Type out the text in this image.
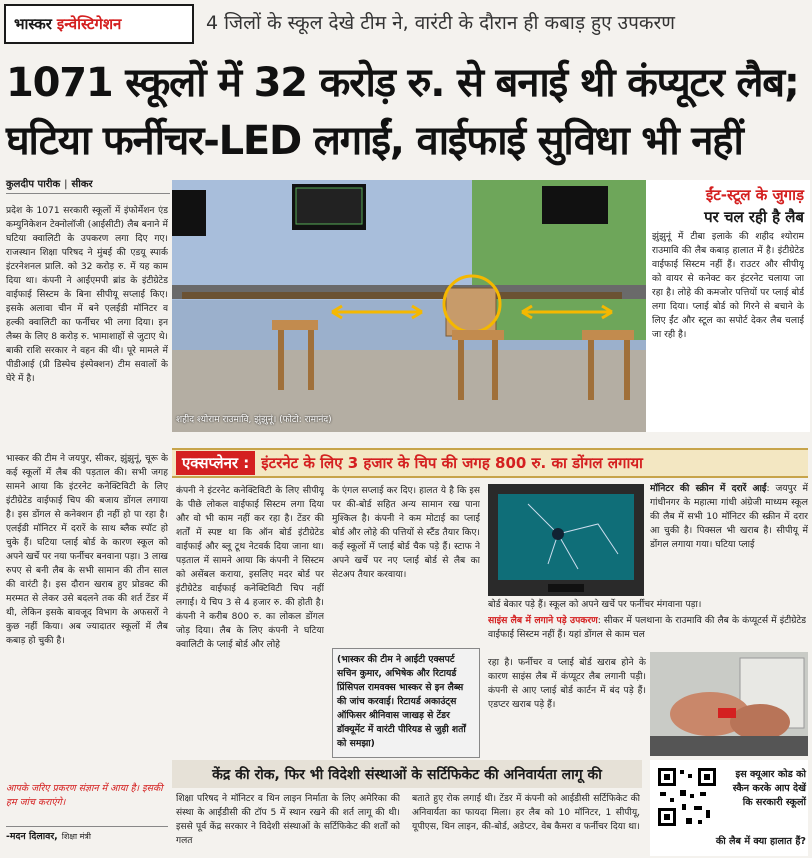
भास्कर इन्वेस्टिगेशन	4 जिलों के स्कूल देखे टीम ने, वारंटी के दौरान ही कबाड़ हुए उपकरण
1071 स्कूलों में 32 करोड़ रु. से बनाई थी कंप्यूटर लैब;
घटिया फर्नीचर-LED लगाईं, वाईफाई सुविधा भी नहीं
कुलदीप पारीक | सीकर
प्रदेश के 1071 सरकारी स्कूलों में इंफोर्मेशन एंड कम्युनिकेशन टेक्नोलॉजी (आईसीटी) लैब बनाने में घटिया क्वालिटी के उपकरण लगा दिए गए। राजस्थान शिक्षा परिषद ने मुंबई की एडयू स्पार्क इंटरनेशनल प्रालि. को 32 करोड़ रु. में यह काम दिया था। कंपनी ने आईएमपी ब्रांड के इंटीग्रेटेड वाईफाई सिस्टम के बिना सीपीयू सप्लाई किए। इसके अलावा चीन में बने एलईडी मॉनिटर व हल्की क्वालिटी का फर्नीचर भी लगा दिया। इन लैब्स के लिए 8 करोड़ रु. भामाशाहों से जुटाए थे। बाकी राशि सरकार ने वहन की थी। पूरे मामले में पीडीआई (प्री डिस्पेच इंस्पेक्शन) टीम सवालों के घेरे में है।
भास्कर की टीम ने जयपुर, सीकर, झुंझुनूं, चूरू के कई स्कूलों में लैब की पड़ताल की। सभी जगह सामने आया कि इंटरनेट कनेक्टिविटी के लिए इंटीग्रेटेड वाईफाई चिप की बजाय डोंगल लगाया है। इस डोंगल से कनेक्शन ही नहीं हो पा रहा है। एलईडी मॉनिटर में दरारें के साथ ब्लैक स्पॉट हो चुके हैं। घटिया प्लाई बोर्ड के कारण स्कूल को अपने खर्चे पर नया फर्नीचर बनवाना पड़ा। 3 लाख रुपए से बनी लैब के सभी सामान की तीन साल की वारंटी है। इस दौरान खराब हुए प्रोडक्ट की मरम्मत से लेकर उसे बदलने तक की शर्त टेंडर में थी, लेकिन इसके बावजूद विभाग के अफसरों ने कुछ नहीं किया। अब ज्यादातर स्कूलों में लैब कबाड़ हो चुकी है।
आपके जरिए प्रकरण संज्ञान में आया है। इसकी हम जांच कराएंगे।
-मदन दिलावर, शिक्षा मंत्री
शहीद श्योराम राउमावि, झुंझुनूं। (फोटो: रामानंद)
ईंट-स्टूल के जुगाड़
पर चल रही है लैब
झुंझुनूं में टीबा इलाके की शहीद श्योराम राउमावि की लैब कबाड़ हालात में है। इंटीग्रेटेड वाईफाई सिस्टम नहीं हैं। राउटर और सीपीयू को वायर से कनेक्ट कर इंटरनेट चलाया जा रहा है। लोहे की कमजोर पत्तियों पर प्लाई बोर्ड लगा दिया। प्लाई बोर्ड को गिरने से बचाने के लिए ईंट और स्टूल का सपोर्ट देकर लैब चलाई जा रही है।
एक्सप्लेनर : इंटरनेट के लिए 3 हजार के चिप की जगह 800 रु. का डोंगल लगाया
कंपनी ने इंटरनेट कनेक्टिविटी के लिए सीपीयू के पीछे लोकल वाईफाई सिस्टम लगा दिया और वो भी काम नहीं कर रहा है। टेंडर की शर्तों में स्पष्ट था कि ऑन बोर्ड इंटीग्रेटेड वाईफाई और ब्लू टूथ नेटवर्क दिया जाना था। पड़ताल में सामने आया कि कंपनी ने सिस्टम को असेंबल कराया, इसलिए मदर बोर्ड पर इंटीग्रेटेड वाईफाई कनेक्टिविटी चिप नहीं लगाई। ये चिप 3 से 4 हजार रु. की होती है। कंपनी ने करीब 800 रु. का लोकल डोंगल जोड़ दिया। लैब के लिए कंपनी ने घटिया क्वालिटी के प्लाई बोर्ड और लोहे
के एंगल सप्लाई कर दिए। हालत ये है कि इस पर की-बोर्ड सहित अन्य सामान रख पाना मुश्किल है। कंपनी ने कम मोटाई का प्लाई बोर्ड और लोहे की पत्तियों से स्टैंड तैयार किए। कई स्कूलों में प्लाई बोर्ड चैक पड़े हैं। स्टाफ ने अपने खर्चे पर नए प्लाई बोर्ड से लैब का सेटअप तैयार करवाया।
(भास्कर की टीम ने आईटी एक्सपर्ट सचिन कुमार, अभिषेक और रिटायर्ड प्रिंसिपल रामवक्स भास्कर से इन लैब्स की जांच करवाई। रिटायर्ड अकाउंट्स ऑफिसर श्रीनिवास जाखड़ से टेंडर डॉक्यूमेंट में वारंटी पीरियड से जुड़ी शर्तों को समझा)
मॉनिटर की स्क्रीन में दरारें आईं: जयपुर में गांधीनगर के महात्मा गांधी अंग्रेजी माध्यम स्कूल की लैब में सभी 10 मॉनिटर की स्क्रीन में दरार आ चुकी है। पिक्सल भी खराब है। सीपीयू में डोंगल लगाया गया। घटिया प्लाई
बोर्ड बेकार पड़े हैं। स्कूल को अपने खर्चे पर फर्नीचर मंगवाना पड़ा।
साइंस लैब में लगाने पड़े उपकरण: सीकर में पलथाना के राउमावि की लैब के कंप्यूटर्स में इंटीग्रेटेड वाईफाई सिस्टम नहीं हैं। यहां डोंगल से काम चल
रहा है। फर्नीचर व प्लाई बोर्ड खराब होने के कारण साइंस लैब में कंप्यूटर लैब लगानी पड़ी। कंपनी से आए प्लाई बोर्ड कार्टन में बंद पड़े हैं। एडप्टर खराब पड़े हैं।
केंद्र की रोक, फिर भी विदेशी संस्थाओं के सर्टिफिकेट की अनिवार्यता लागू की
शिक्षा परिषद ने मॉनिटर व थिन लाइन निर्माता के लिए अमेरिका की संस्था के आईडीसी की टॉप 5 में स्थान रखने की शर्त लागू की थी। इससे पूर्व केंद्र सरकार ने विदेशी संस्थाओं के सर्टिफिकेट की शर्तों को गलत
बताते हुए रोक लगाई थी। टेंडर में कंपनी को आईडीसी सर्टिफिकेट की अनिवार्यता का फायदा मिला। हर लैब को 10 मॉनिटर, 1 सीपीयू, यूपीएस, थिन लाइन, की-बोर्ड, अडेप्टर, वेब कैमरा व फर्नीचर दिया था।
इस क्यूआर कोड को स्कैन करके आप देखें कि सरकारी स्कूलों
की लैब में क्या हालात हैं?
